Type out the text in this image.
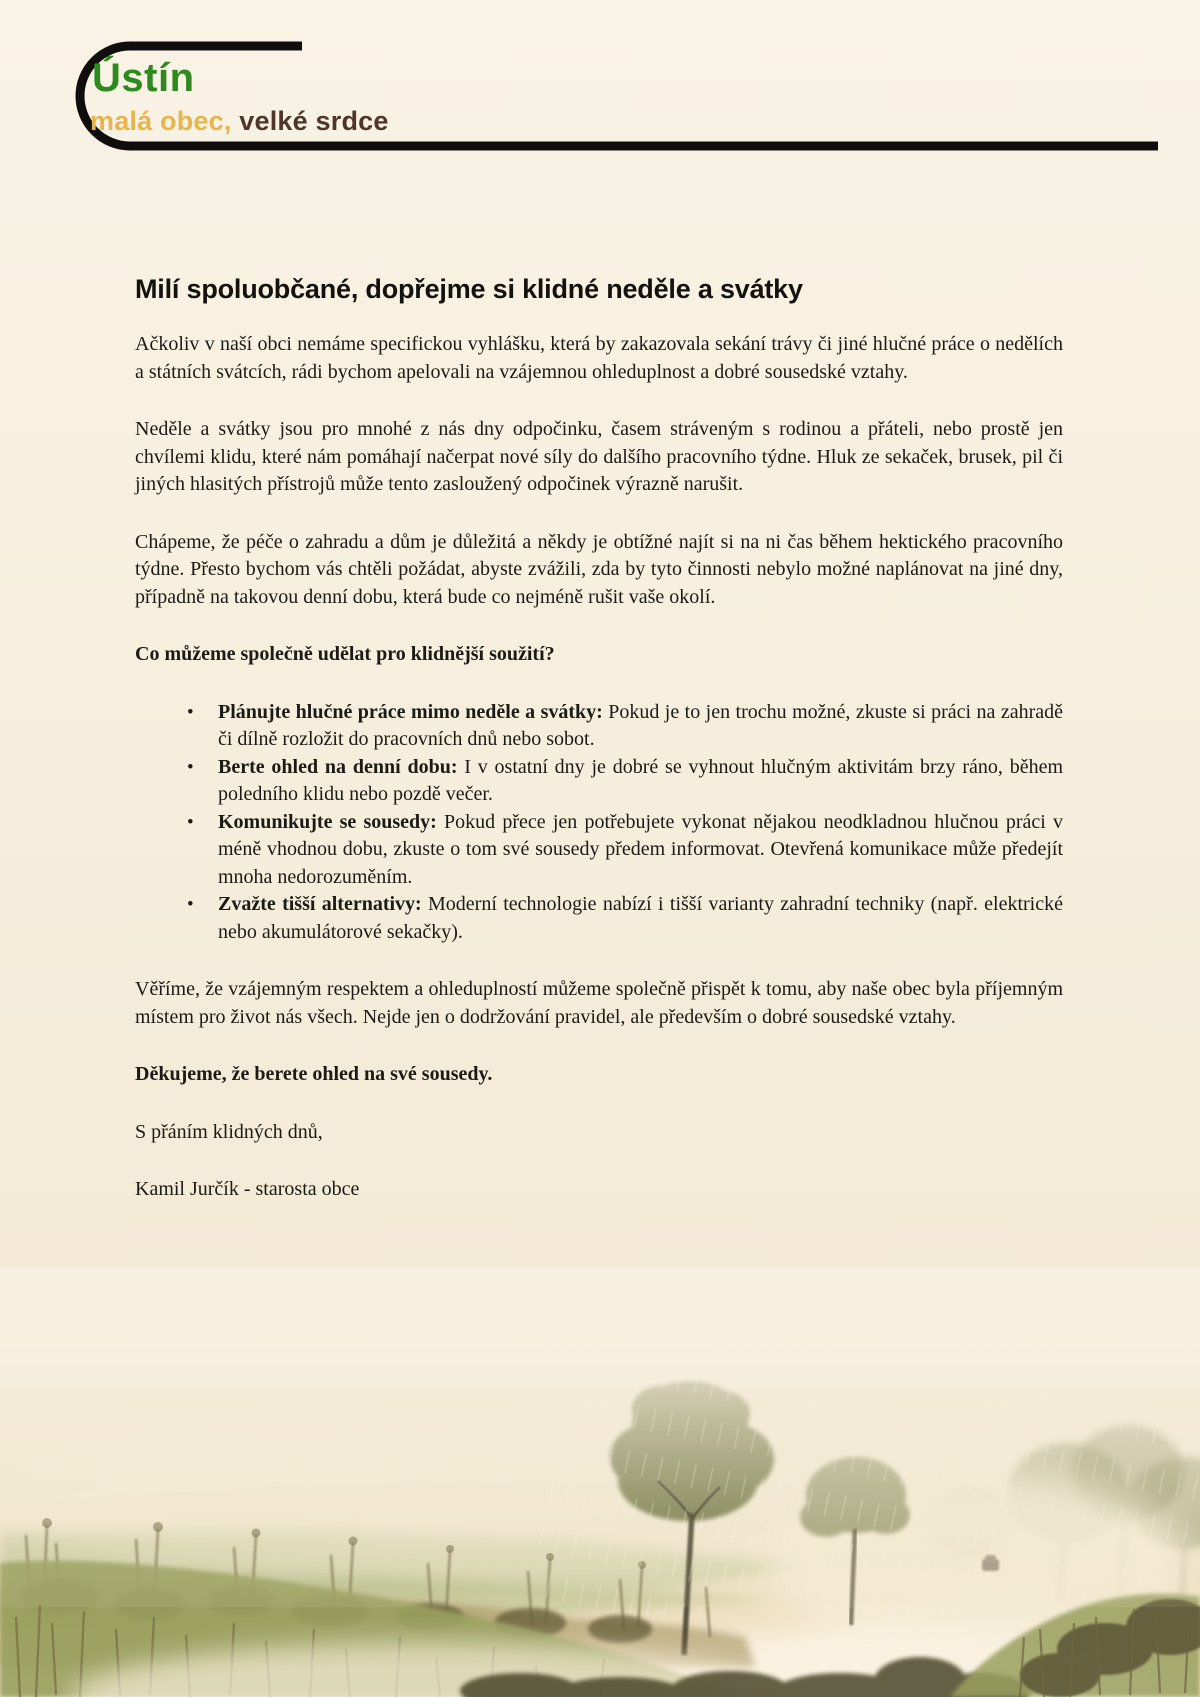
Ústín
malá obec, velké srdce
Milí spoluobčané, dopřejme si klidné neděle a svátky

Ačkoliv v naší obci nemáme specifickou vyhlášku, která by zakazovala sekání trávy či jiné hlučné práce o nedělích a státních svátcích, rádi bychom apelovali na vzájemnou ohleduplnost a dobré sousedské vztahy.

Neděle a svátky jsou pro mnohé z nás dny odpočinku, časem stráveným s rodinou a přáteli, nebo prostě jen chvílemi klidu, které nám pomáhají načerpat nové síly do dalšího pracovního týdne. Hluk ze sekaček, brusek, pil či jiných hlasitých přístrojů může tento zasloužený odpočinek výrazně narušit.

Chápeme, že péče o zahradu a dům je důležitá a někdy je obtížné najít si na ni čas během hektického pracovního týdne. Přesto bychom vás chtěli požádat, abyste zvážili, zda by tyto činnosti nebylo možné naplánovat na jiné dny, případně na takovou denní dobu, která bude co nejméně rušit vaše okolí.

Co můžeme společně udělat pro klidnější soužití?
• Plánujte hlučné práce mimo neděle a svátky: Pokud je to jen trochu možné, zkuste si práci na zahradě či dílně rozložit do pracovních dnů nebo sobot.
• Berte ohled na denní dobu: I v ostatní dny je dobré se vyhnout hlučným aktivitám brzy ráno, během poledního klidu nebo pozdě večer.
• Komunikujte se sousedy: Pokud přece jen potřebujete vykonat nějakou neodkladnou hlučnou práci v méně vhodnou dobu, zkuste o tom své sousedy předem informovat. Otevřená komunikace může předejít mnoha nedorozuměním.
• Zvažte tišší alternativy: Moderní technologie nabízí i tišší varianty zahradní techniky (např. elektrické nebo akumulátorové sekačky).

Věříme, že vzájemným respektem a ohleduplností můžeme společně přispět k tomu, aby naše obec byla příjemným místem pro život nás všech. Nejde jen o dodržování pravidel, ale především o dobré sousedské vztahy.

Děkujeme, že berete ohled na své sousedy.

S přáním klidných dnů,

Kamil Jurčík - starosta obce
